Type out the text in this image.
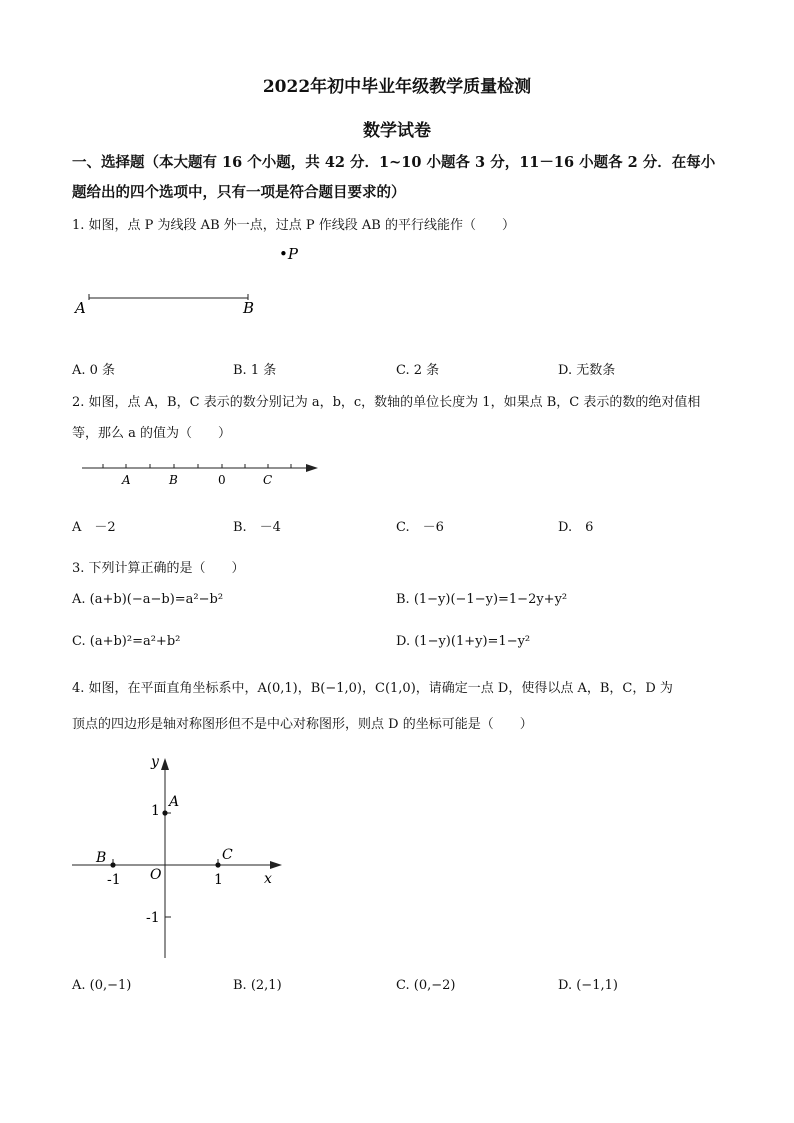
2022年初中毕业年级教学质量检测
数学试卷
一、选择题（本大题有 16 个小题，共 42 分．1~10 小题各 3 分，11－16 小题各 2 分．在每小
题给出的四个选项中，只有一项是符合题目要求的）
1. 如图，点 P 为线段 AB 外一点，过点 P 作线段 AB 的平行线能作（　　）
•P
A	B
A. 0 条	B. 1 条	C. 2 条	D. 无数条
2. 如图，点 A，B，C 表示的数分别记为 a，b，c，数轴的单位长度为 1，如果点 B，C 表示的数的绝对值相
等，那么 a 的值为（　　）
A	B	0	C
A　－2	B.　－4	C.　－6	D.　6
3. 下列计算正确的是（　　）
A. (a+b)(−a−b)=a²−b²	B. (1−y)(−1−y)=1−2y+y²
C. (a+b)²=a²+b²	D. (1−y)(1+y)=1−y²
4. 如图，在平面直角坐标系中，A(0,1)，B(−1,0)，C(1,0)，请确定一点 D，使得以点 A，B，C，D 为
顶点的四边形是轴对称图形但不是中心对称图形，则点 D 的坐标可能是（　　）
y
x
O
A
B	C
1
-1
1
-1
A. (0,−1)	B. (2,1)	C. (0,−2)	D. (−1,1)
